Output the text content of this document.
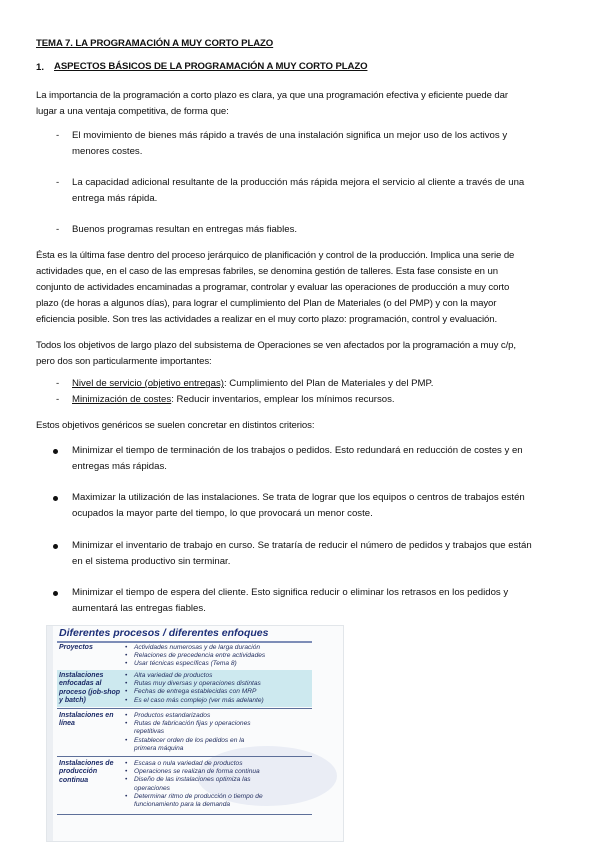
TEMA 7. LA PROGRAMACIÓN A MUY CORTO PLAZO
1. ASPECTOS BÁSICOS DE LA PROGRAMACIÓN A MUY CORTO PLAZO
La importancia de la programación a corto plazo es clara, ya que una programación efectiva y eficiente puede dar
lugar a una ventaja competitiva, de forma que:
- El movimiento de bienes más rápido a través de una instalación significa un mejor uso de los activos y
menores costes.
- La capacidad adicional resultante de la producción más rápida mejora el servicio al cliente a través de una
entrega más rápida.
- Buenos programas resultan en entregas más fiables.
Ésta es la última fase dentro del proceso jerárquico de planificación y control de la producción. Implica una serie de
actividades que, en el caso de las empresas fabriles, se denomina gestión de talleres. Esta fase consiste en un
conjunto de actividades encaminadas a programar, controlar y evaluar las operaciones de producción a muy corto
plazo (de horas a algunos días), para lograr el cumplimiento del Plan de Materiales (o del PMP) y con la mayor
eficiencia posible. Son tres las actividades a realizar en el muy corto plazo: programación, control y evaluación.
Todos los objetivos de largo plazo del subsistema de Operaciones se ven afectados por la programación a muy c/p,
pero dos son particularmente importantes:
- Nivel de servicio (objetivo entregas): Cumplimiento del Plan de Materiales y del PMP.
- Minimización de costes: Reducir inventarios, emplear los mínimos recursos.
Estos objetivos genéricos se suelen concretar en distintos criterios:
Minimizar el tiempo de terminación de los trabajos o pedidos. Esto redundará en reducción de costes y en
entregas más rápidas.
Maximizar la utilización de las instalaciones. Se trata de lograr que los equipos o centros de trabajos estén
ocupados la mayor parte del tiempo, lo que provocará un menor coste.
Minimizar el inventario de trabajo en curso. Se trataría de reducir el número de pedidos y trabajos que están
en el sistema productivo sin terminar.
Minimizar el tiempo de espera del cliente. Esto significa reducir o eliminar los retrasos en los pedidos y
aumentará las entregas fiables.
Diferentes procesos / diferentes enfoques
Proyectos
•	Actividades numerosas y de larga duración
• Relaciones de precedencia entre actividades
• Usar técnicas específicas (Tema 8)
Instalaciones
enfocadas al
proceso (job-shop
y batch)
• Alta variedad de productos
• Rutas muy diversas y operaciones distintas
• Fechas de entrega establecidas con MRP
• Es el caso más complejo (ver más adelante)
Instalaciones en
línea
• Productos estandarizados
• Rutas de fabricación fijas y operaciones
repetitivas
• Establecer orden de los pedidos en la
primera máquina
Instalaciones de
producción
continua
• Escasa o nula variedad de productos
• Operaciones se realizan de forma continua
• Diseño de las instalaciones optimiza las
operaciones
• Determinar ritmo de producción o tiempo de
funcionamiento para la demanda
